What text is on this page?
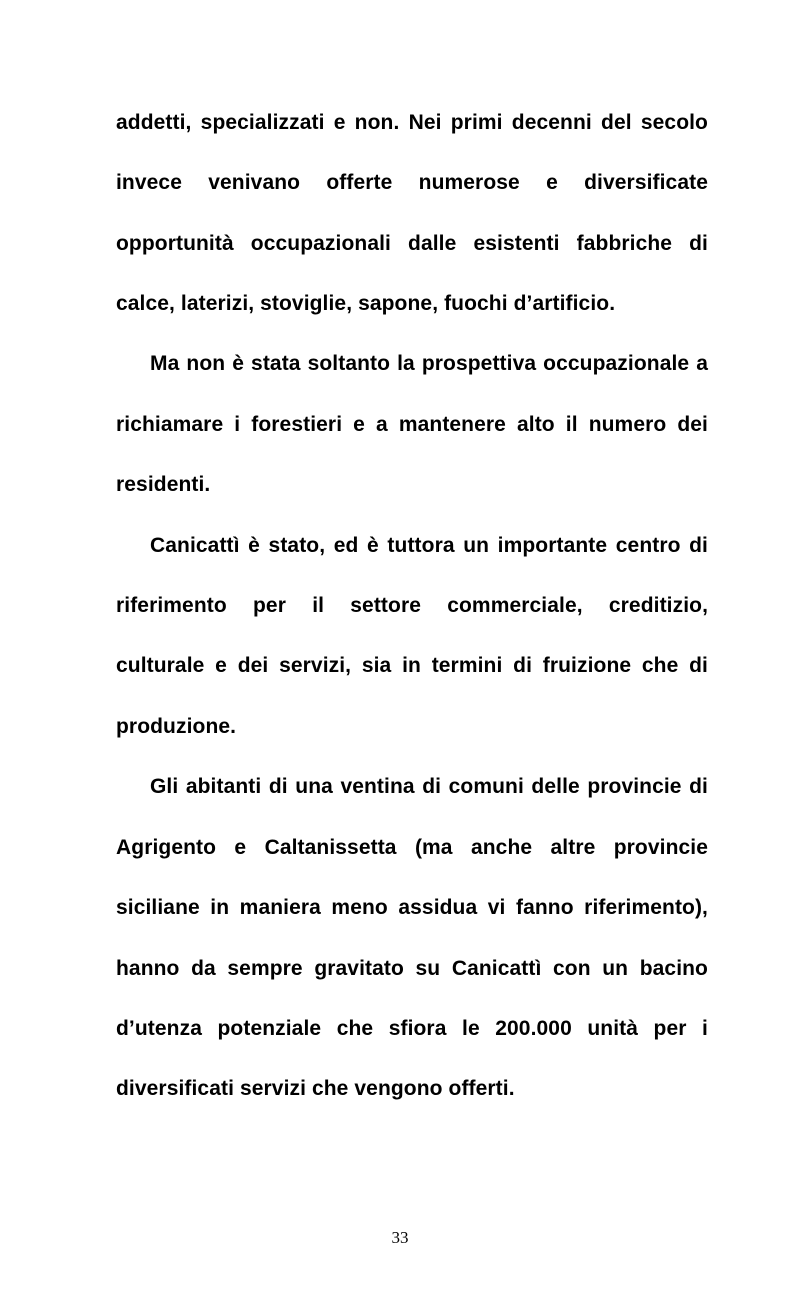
addetti, specializzati e non. Nei primi decenni del secolo
invece venivano offerte numerose e diversificate
opportunità occupazionali dalle esistenti fabbriche di
calce, laterizi, stoviglie, sapone, fuochi d’artificio.
Ma non è stata soltanto la prospettiva occupazionale a
richiamare i forestieri e a mantenere alto il numero dei
residenti.
Canicattì è stato, ed è tuttora un importante centro di
riferimento per il settore commerciale, creditizio,
culturale e dei servizi, sia in termini di fruizione che di
produzione.
Gli abitanti di una ventina di comuni delle provincie di
Agrigento e Caltanissetta (ma anche altre provincie
siciliane in maniera meno assidua vi fanno riferimento),
hanno da sempre gravitato su Canicattì con un bacino
d’utenza potenziale che sfiora le 200.000 unità per i
diversificati servizi che vengono offerti.
33
